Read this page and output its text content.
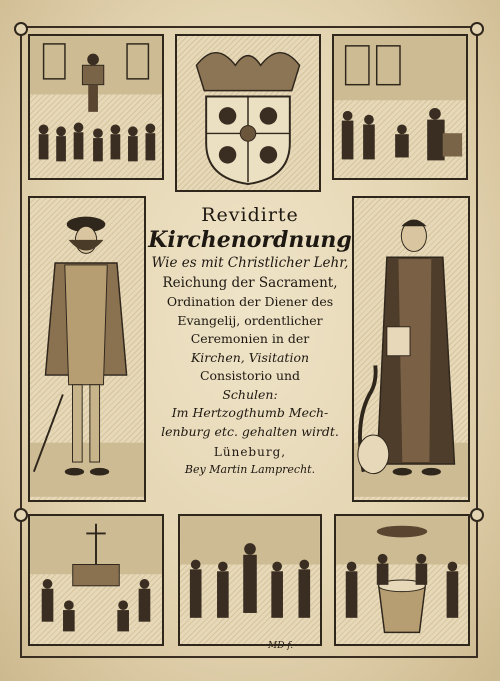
Revidirte
Kirchenordnung
Wie es mit Christlicher Lehr,
Reichung der Sacrament,
Ordination der Diener des
Evangelij, ordentlicher
Ceremonien in der
Kirchen, Visitation
Consistorio und
Schulen:
Im Hertzogthumb Mech-
lenburg etc. gehalten wirdt.
Lüneburg,
Bey Martin Lamprecht.
MD f.
